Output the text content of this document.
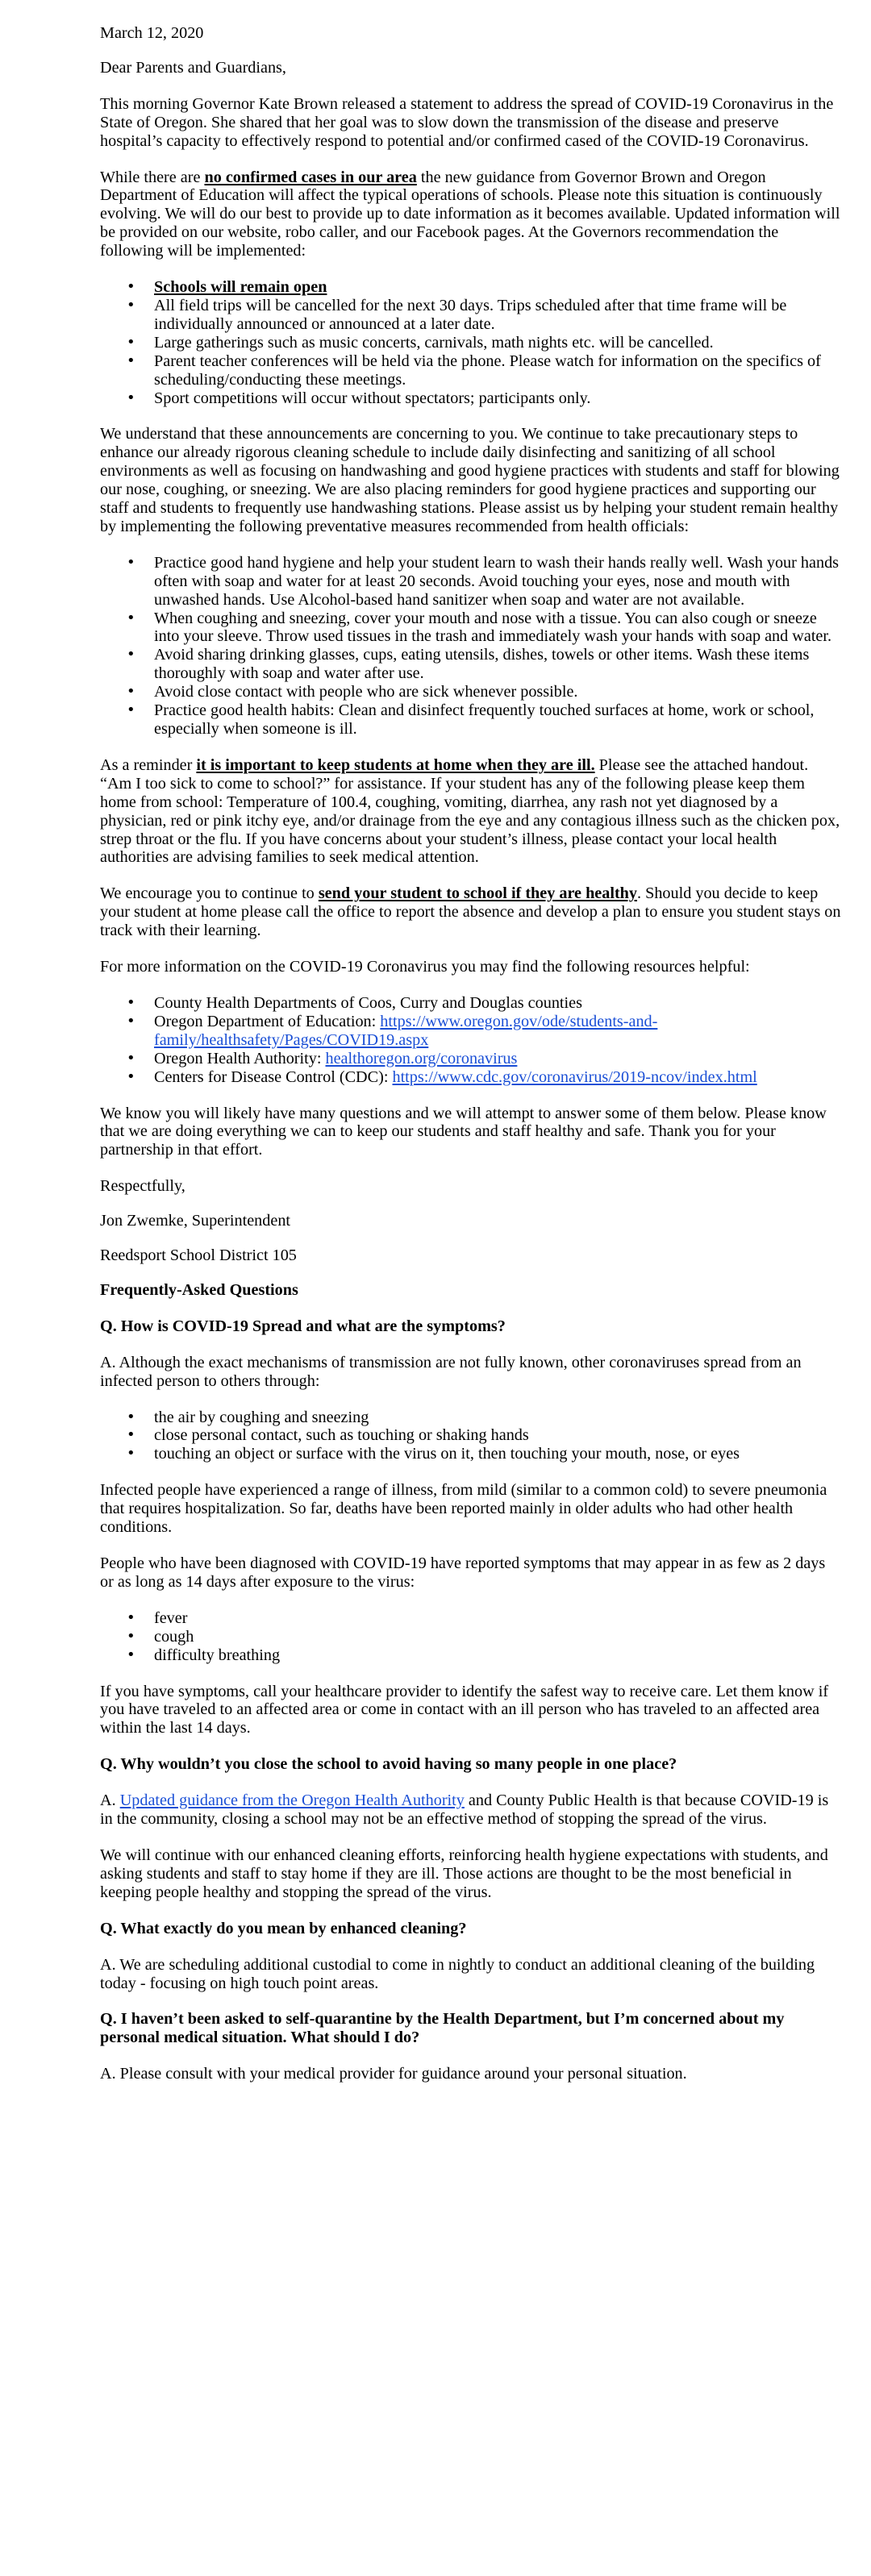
March 12, 2020

Dear Parents and Guardians,

This morning Governor Kate Brown released a statement to address the spread of COVID-19 Coronavirus in the State of Oregon. She shared that her goal was to slow down the transmission of the disease and preserve hospital’s capacity to effectively respond to potential and/or confirmed cased of the COVID-19 Coronavirus.

While there are no confirmed cases in our area the new guidance from Governor Brown and Oregon Department of Education will affect the typical operations of schools. Please note this situation is continuously evolving. We will do our best to provide up to date information as it becomes available. Updated information will be provided on our website, robo caller, and our Facebook pages. At the Governors recommendation the following will be implemented:

• Schools will remain open
• All field trips will be cancelled for the next 30 days. Trips scheduled after that time frame will be individually announced or announced at a later date.
• Large gatherings such as music concerts, carnivals, math nights etc. will be cancelled.
• Parent teacher conferences will be held via the phone. Please watch for information on the specifics of scheduling/conducting these meetings.
• Sport competitions will occur without spectators; participants only.

We understand that these announcements are concerning to you. We continue to take precautionary steps to enhance our already rigorous cleaning schedule to include daily disinfecting and sanitizing of all school environments as well as focusing on handwashing and good hygiene practices with students and staff for blowing our nose, coughing, or sneezing. We are also placing reminders for good hygiene practices and supporting our staff and students to frequently use handwashing stations. Please assist us by helping your student remain healthy by implementing the following preventative measures recommended from health officials:

• Practice good hand hygiene and help your student learn to wash their hands really well. Wash your hands often with soap and water for at least 20 seconds. Avoid touching your eyes, nose and mouth with unwashed hands. Use Alcohol-based hand sanitizer when soap and water are not available.
• When coughing and sneezing, cover your mouth and nose with a tissue. You can also cough or sneeze into your sleeve. Throw used tissues in the trash and immediately wash your hands with soap and water.
• Avoid sharing drinking glasses, cups, eating utensils, dishes, towels or other items. Wash these items thoroughly with soap and water after use.
• Avoid close contact with people who are sick whenever possible.
• Practice good health habits: Clean and disinfect frequently touched surfaces at home, work or school, especially when someone is ill.

As a reminder it is important to keep students at home when they are ill. Please see the attached handout. “Am I too sick to come to school?” for assistance. If your student has any of the following please keep them home from school: Temperature of 100.4, coughing, vomiting, diarrhea, any rash not yet diagnosed by a physician, red or pink itchy eye, and/or drainage from the eye and any contagious illness such as the chicken pox, strep throat or the flu. If you have concerns about your student’s illness, please contact your local health authorities are advising families to seek medical attention.

We encourage you to continue to send your student to school if they are healthy. Should you decide to keep your student at home please call the office to report the absence and develop a plan to ensure you student stays on track with their learning.

For more information on the COVID-19 Coronavirus you may find the following resources helpful:

• County Health Departments of Coos, Curry and Douglas counties
• Oregon Department of Education: https://www.oregon.gov/ode/students-and-family/healthsafety/Pages/COVID19.aspx
• Oregon Health Authority: healthoregon.org/coronavirus
• Centers for Disease Control (CDC): https://www.cdc.gov/coronavirus/2019-ncov/index.html

We know you will likely have many questions and we will attempt to answer some of them below. Please know that we are doing everything we can to keep our students and staff healthy and safe. Thank you for your partnership in that effort.

Respectfully,

Jon Zwemke, Superintendent

Reedsport School District 105

Frequently-Asked Questions

Q. How is COVID-19 Spread and what are the symptoms?

A. Although the exact mechanisms of transmission are not fully known, other coronaviruses spread from an infected person to others through:

• the air by coughing and sneezing
• close personal contact, such as touching or shaking hands
• touching an object or surface with the virus on it, then touching your mouth, nose, or eyes

Infected people have experienced a range of illness, from mild (similar to a common cold) to severe pneumonia that requires hospitalization. So far, deaths have been reported mainly in older adults who had other health conditions.

People who have been diagnosed with COVID-19 have reported symptoms that may appear in as few as 2 days or as long as 14 days after exposure to the virus:

• fever
• cough
• difficulty breathing

If you have symptoms, call your healthcare provider to identify the safest way to receive care. Let them know if you have traveled to an affected area or come in contact with an ill person who has traveled to an affected area within the last 14 days.

Q. Why wouldn’t you close the school to avoid having so many people in one place?

A. Updated guidance from the Oregon Health Authority and County Public Health is that because COVID-19 is in the community, closing a school may not be an effective method of stopping the spread of the virus.

We will continue with our enhanced cleaning efforts, reinforcing health hygiene expectations with students, and asking students and staff to stay home if they are ill. Those actions are thought to be the most beneficial in keeping people healthy and stopping the spread of the virus.

Q. What exactly do you mean by enhanced cleaning?

A. We are scheduling additional custodial to come in nightly to conduct an additional cleaning of the building today - focusing on high touch point areas.

Q. I haven’t been asked to self-quarantine by the Health Department, but I’m concerned about my personal medical situation. What should I do?

A. Please consult with your medical provider for guidance around your personal situation.
